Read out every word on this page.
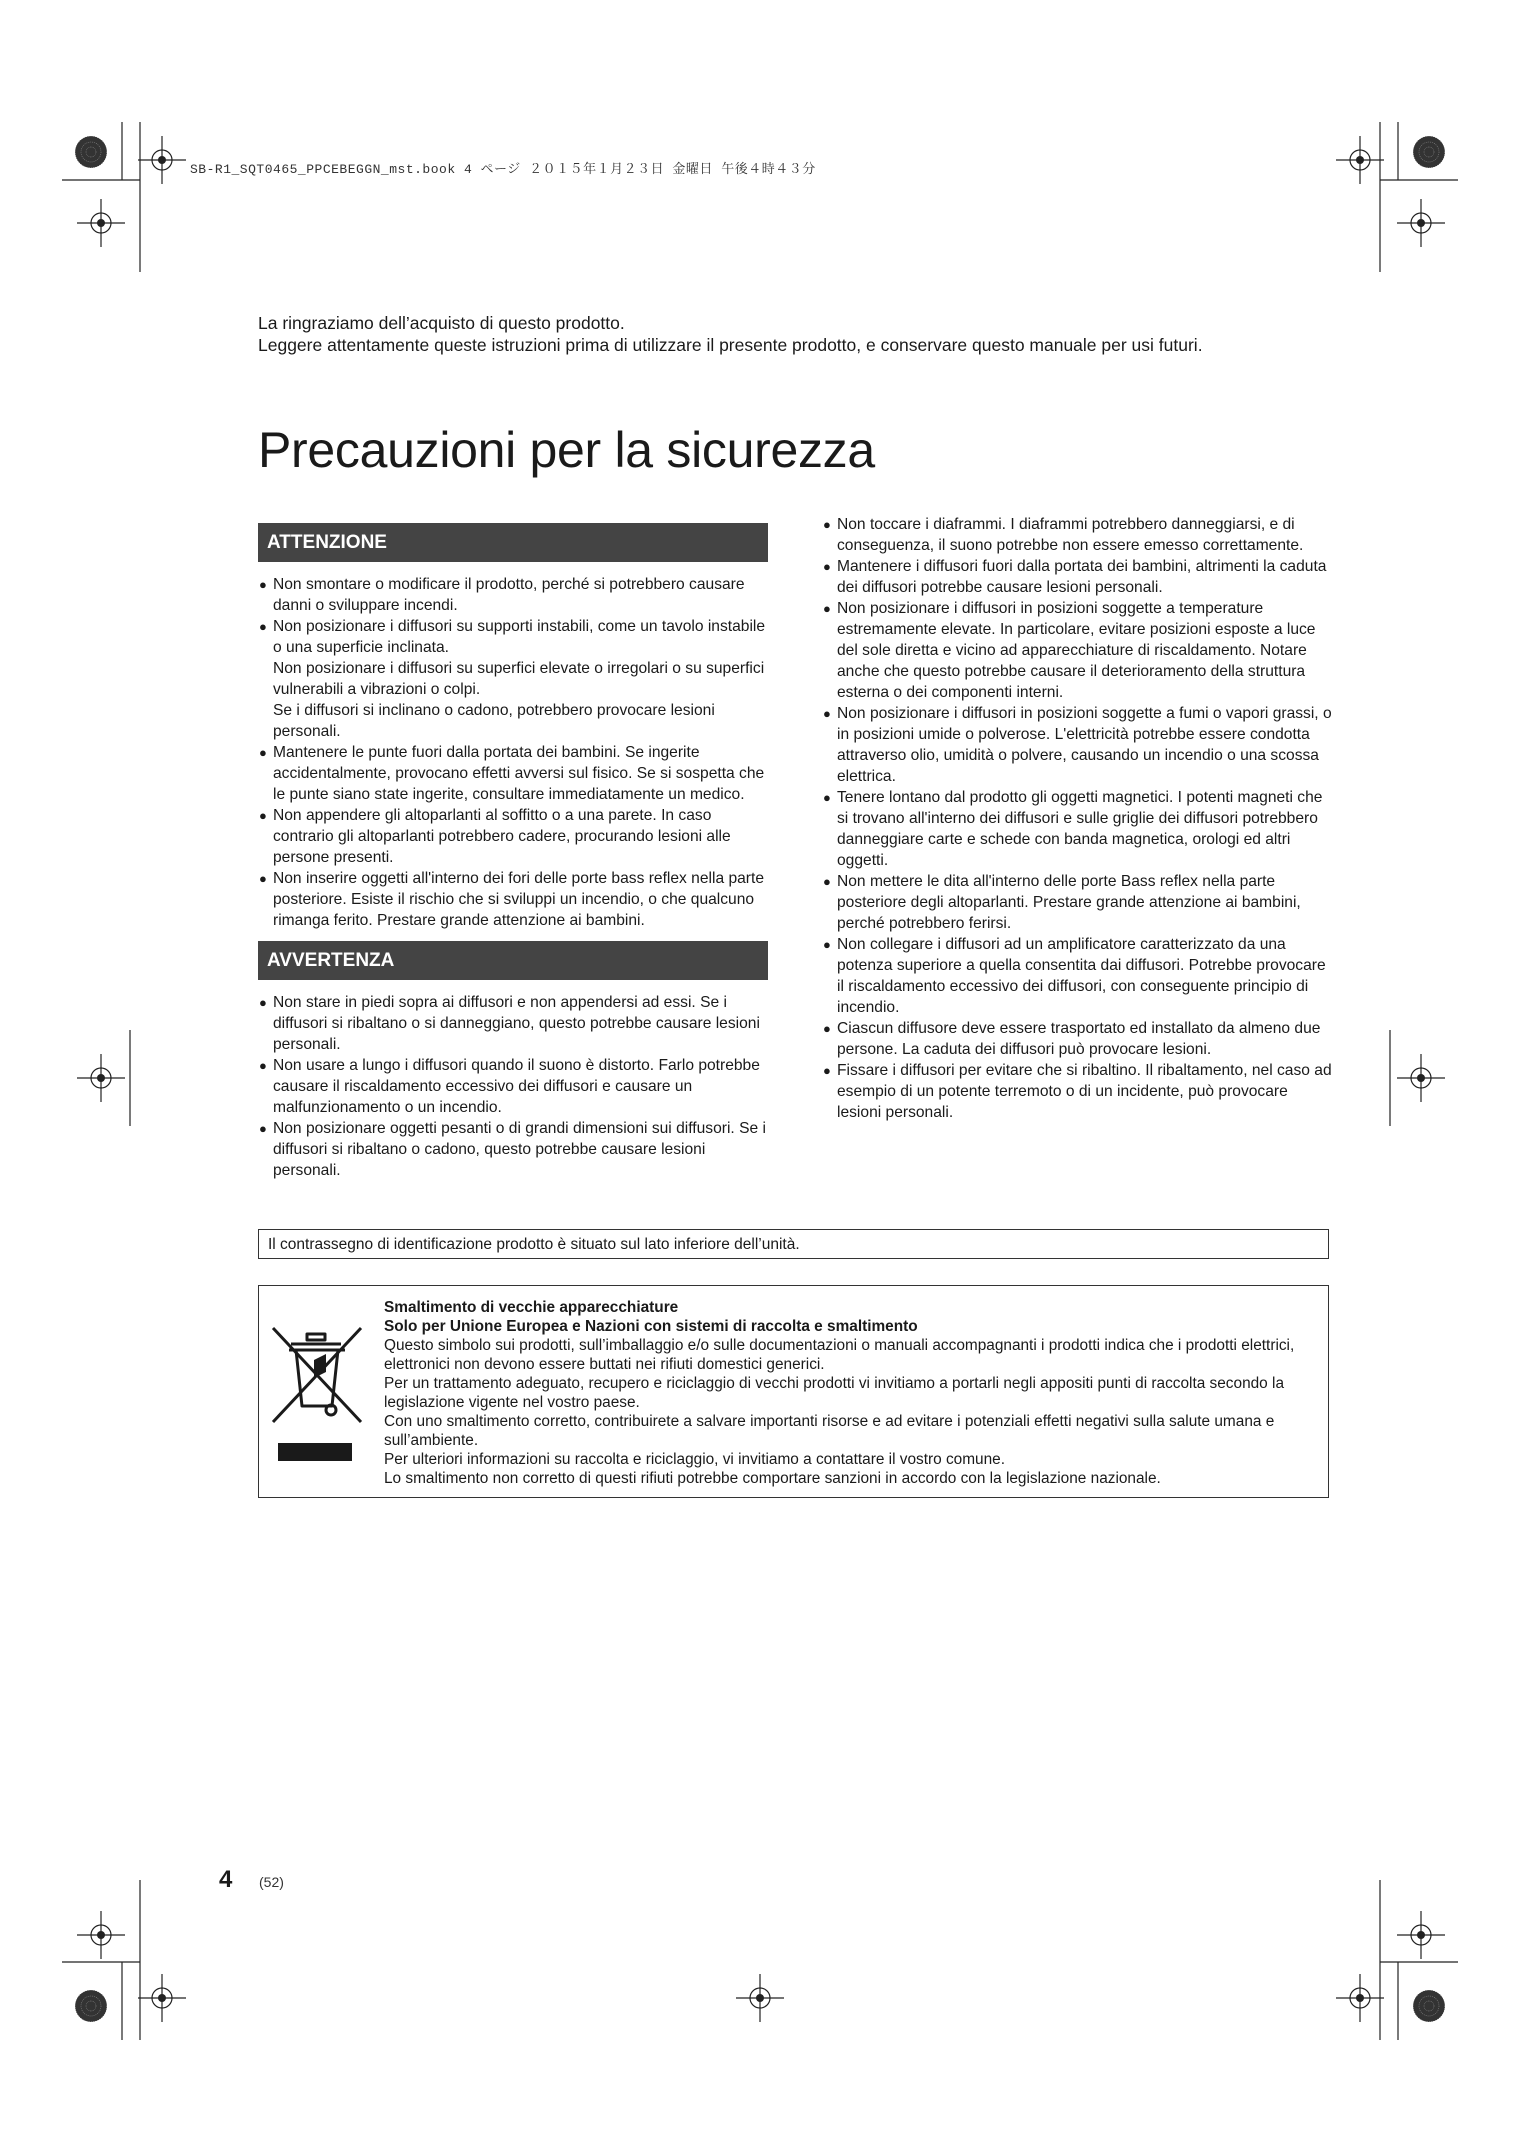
SB-R1_SQT0465_PPCEBEGGN_mst.book 4 ページ ２０１５年１月２３日 金曜日 午後４時４３分
La ringraziamo dell’acquisto di questo prodotto.
Leggere attentamente queste istruzioni prima di utilizzare il presente prodotto, e conservare questo manuale per usi futuri.
Precauzioni per la sicurezza
ATTENZIONE
● Non smontare o modificare il prodotto, perché si potrebbero causare danni o sviluppare incendi.
● Non posizionare i diffusori su supporti instabili, come un tavolo instabile o una superficie inclinata.
Non posizionare i diffusori su superfici elevate o irregolari o su superfici vulnerabili a vibrazioni o colpi.
Se i diffusori si inclinano o cadono, potrebbero provocare lesioni personali.
● Mantenere le punte fuori dalla portata dei bambini. Se ingerite accidentalmente, provocano effetti avversi sul fisico. Se si sospetta che le punte siano state ingerite, consultare immediatamente un medico.
● Non appendere gli altoparlanti al soffitto o a una parete. In caso contrario gli altoparlanti potrebbero cadere, procurando lesioni alle persone presenti.
● Non inserire oggetti all'interno dei fori delle porte bass reflex nella parte posteriore. Esiste il rischio che si sviluppi un incendio, o che qualcuno rimanga ferito. Prestare grande attenzione ai bambini.
AVVERTENZA
● Non stare in piedi sopra ai diffusori e non appendersi ad essi. Se i diffusori si ribaltano o si danneggiano, questo potrebbe causare lesioni personali.
● Non usare a lungo i diffusori quando il suono è distorto. Farlo potrebbe causare il riscaldamento eccessivo dei diffusori e causare un malfunzionamento o un incendio.
● Non posizionare oggetti pesanti o di grandi dimensioni sui diffusori. Se i diffusori si ribaltano o cadono, questo potrebbe causare lesioni personali.
● Non toccare i diaframmi. I diaframmi potrebbero danneggiarsi, e di conseguenza, il suono potrebbe non essere emesso correttamente.
● Mantenere i diffusori fuori dalla portata dei bambini, altrimenti la caduta dei diffusori potrebbe causare lesioni personali.
● Non posizionare i diffusori in posizioni soggette a temperature estremamente elevate. In particolare, evitare posizioni esposte a luce del sole diretta e vicino ad apparecchiature di riscaldamento. Notare anche che questo potrebbe causare il deterioramento della struttura esterna o dei componenti interni.
● Non posizionare i diffusori in posizioni soggette a fumi o vapori grassi, o in posizioni umide o polverose. L'elettricità potrebbe essere condotta attraverso olio, umidità o polvere, causando un incendio o una scossa elettrica.
● Tenere lontano dal prodotto gli oggetti magnetici. I potenti magneti che si trovano all'interno dei diffusori e sulle griglie dei diffusori potrebbero danneggiare carte e schede con banda magnetica, orologi ed altri oggetti.
● Non mettere le dita all'interno delle porte Bass reflex nella parte posteriore degli altoparlanti. Prestare grande attenzione ai bambini, perché potrebbero ferirsi.
● Non collegare i diffusori ad un amplificatore caratterizzato da una potenza superiore a quella consentita dai diffusori. Potrebbe provocare il riscaldamento eccessivo dei diffusori, con conseguente principio di incendio.
● Ciascun diffusore deve essere trasportato ed installato da almeno due persone. La caduta dei diffusori può provocare lesioni.
● Fissare i diffusori per evitare che si ribaltino. Il ribaltamento, nel caso ad esempio di un potente terremoto o di un incidente, può provocare lesioni personali.
Il contrassegno di identificazione prodotto è situato sul lato inferiore dell’unità.
Smaltimento di vecchie apparecchiature
Solo per Unione Europea e Nazioni con sistemi di raccolta e smaltimento
Questo simbolo sui prodotti, sull’imballaggio e/o sulle documentazioni o manuali accompagnanti i prodotti indica che i prodotti elettrici, elettronici non devono essere buttati nei rifiuti domestici generici.
Per un trattamento adeguato, recupero e riciclaggio di vecchi prodotti vi invitiamo a portarli negli appositi punti di raccolta secondo la legislazione vigente nel vostro paese.
Con uno smaltimento corretto, contribuirete a salvare importanti risorse e ad evitare i potenziali effetti negativi sulla salute umana e sull’ambiente.
Per ulteriori informazioni su raccolta e riciclaggio, vi invitiamo a contattare il vostro comune.
Lo smaltimento non corretto di questi rifiuti potrebbe comportare sanzioni in accordo con la legislazione nazionale.
4 (52)
